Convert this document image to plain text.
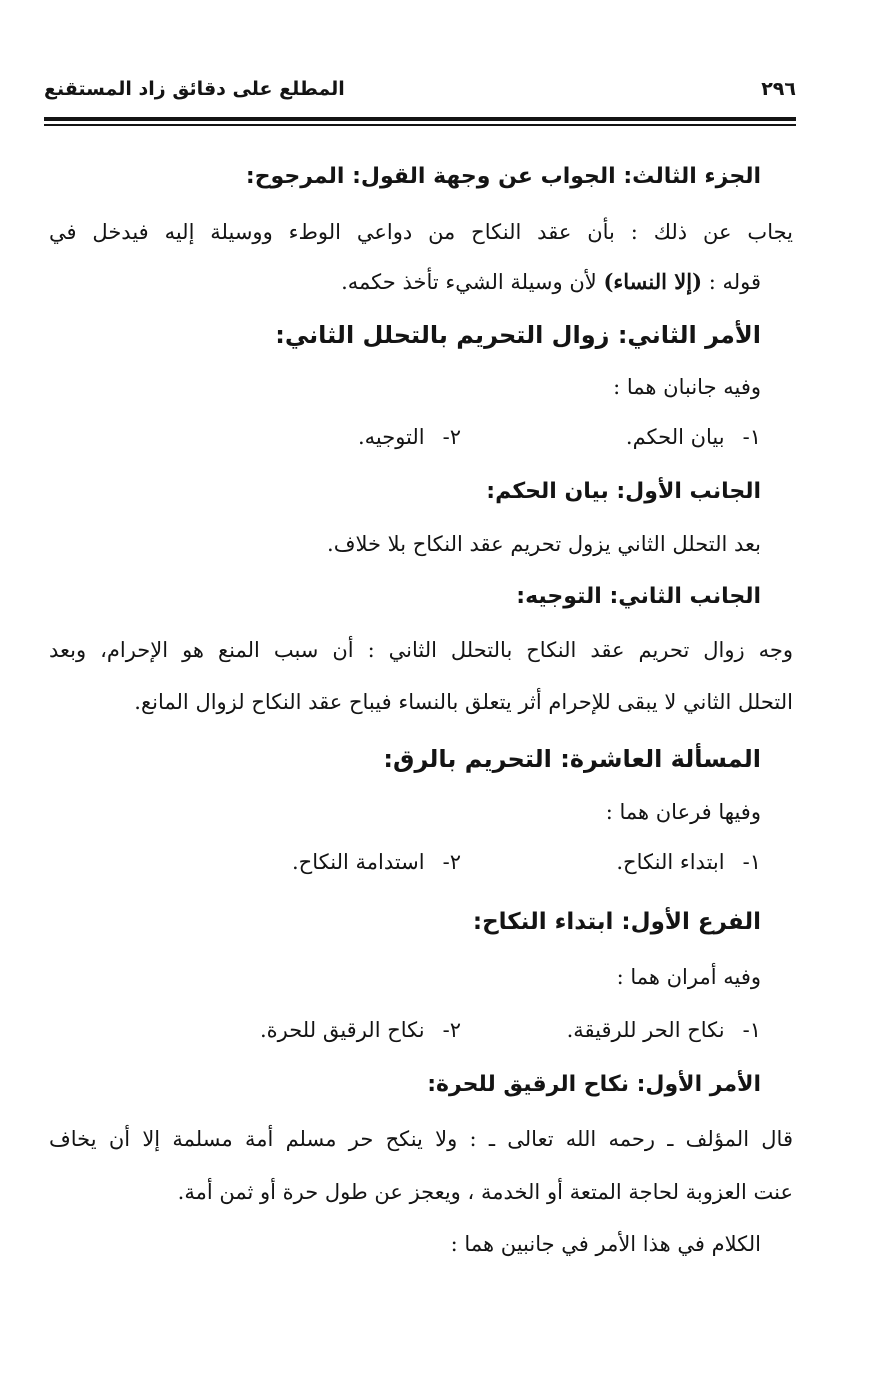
٢٩٦
المطلع على دقائق زاد المستقنع
الجزء الثالث: الجواب عن وجهة القول: المرجوح:
يجاب عن ذلك : بأن عقد النكاح من دواعي الوطء ووسيلة إليه فيدخل في
قوله : (إلا النساء) لأن وسيلة الشيء تأخذ حكمه.
الأمر الثاني: زوال التحريم بالتحلل الثاني:
وفيه جانبان هما :
١-بيان الحكم.
٢-التوجيه.
الجانب الأول: بيان الحكم:
بعد التحلل الثاني يزول تحريم عقد النكاح بلا خلاف.
الجانب الثاني: التوجيه:
وجه زوال تحريم عقد النكاح بالتحلل الثاني : أن سبب المنع هو الإحرام، وبعد
التحلل الثاني لا يبقى للإحرام أثر يتعلق بالنساء فيباح عقد النكاح لزوال المانع.
المسألة العاشرة: التحريم بالرق:
وفيها فرعان هما :
١-ابتداء النكاح.
٢-استدامة النكاح.
الفرع الأول: ابتداء النكاح:
وفيه أمران هما :
١-نكاح الحر للرقيقة.
٢-نكاح الرقيق للحرة.
الأمر الأول: نكاح الرقيق للحرة:
قال المؤلف ـ رحمه الله تعالى ـ : ولا ينكح حر مسلم أمة مسلمة إلا أن يخاف
عنت العزوبة لحاجة المتعة أو الخدمة ، ويعجز عن طول حرة أو ثمن أمة.
الكلام في هذا الأمر في جانبين هما :
